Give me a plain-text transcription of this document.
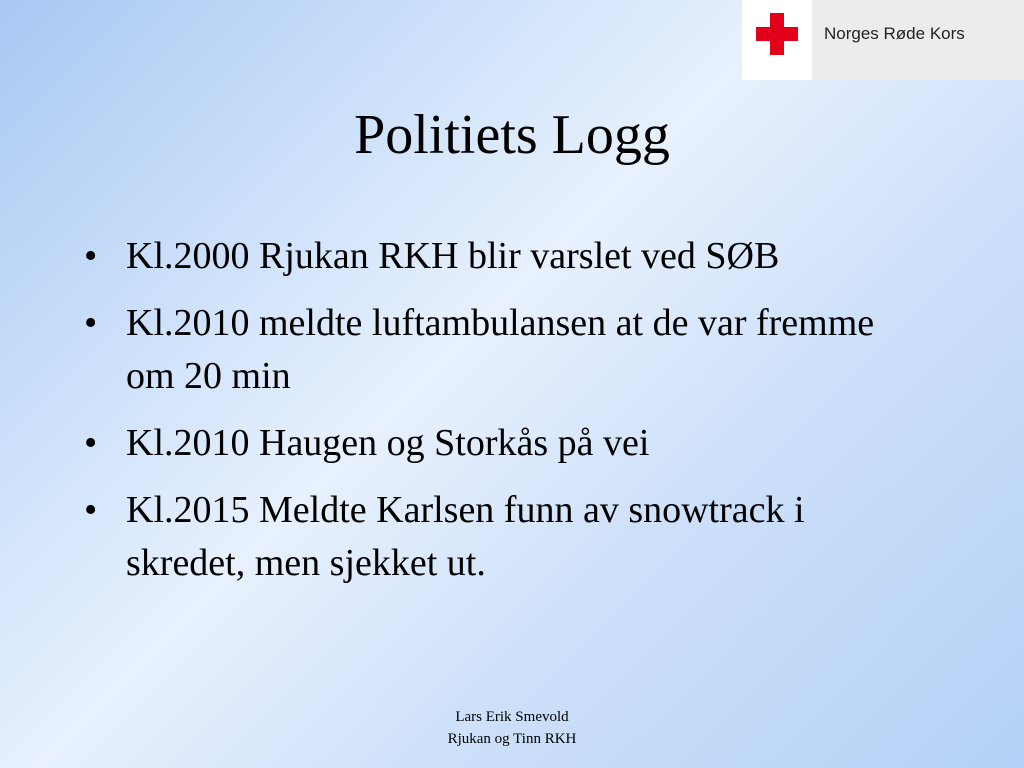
Norges Røde Kors
Politiets Logg
• Kl.2000 Rjukan RKH blir varslet ved SØB
• Kl.2010 meldte luftambulansen at de var fremme om 20 min
• Kl.2010 Haugen og Storkås på vei
• Kl.2015 Meldte Karlsen funn av snowtrack i skredet, men sjekket ut.
Lars Erik Smevold
Rjukan og Tinn RKH
